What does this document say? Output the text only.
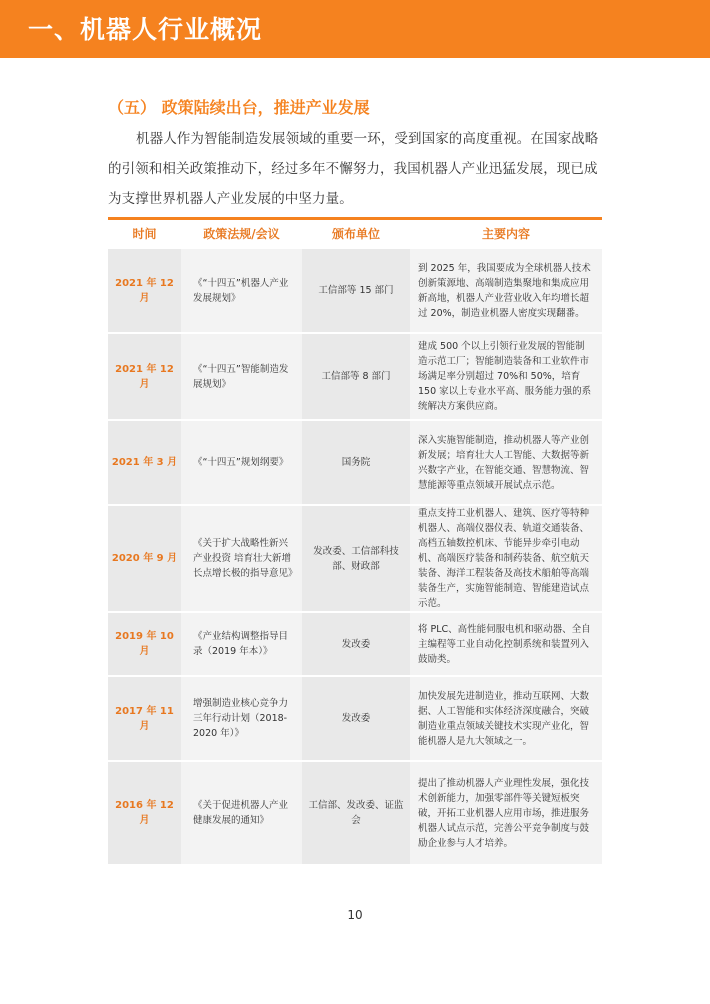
一、机器人行业概况
（五） 政策陆续出台，推进产业发展
机器人作为智能制造发展领域的重要一环，受到国家的高度重视。在国家战略的引领和相关政策推动下，经过多年不懈努力，我国机器人产业迅猛发展，现已成为支撑世界机器人产业发展的中坚力量。
时间	政策法规/会议	颁布单位	主要内容
2021 年 12 月	《“十四五”机器人产业发展规划》	工信部等 15 部门	到 2025 年，我国要成为全球机器人技术创新策源地、高端制造集聚地和集成应用新高地，机器人产业营业收入年均增长超过 20%，制造业机器人密度实现翻番。
2021 年 12 月	《“十四五”智能制造发展规划》	工信部等 8 部门	建成 500 个以上引领行业发展的智能制造示范工厂；智能制造装备和工业软件市场满足率分别超过 70%和 50%，培育 150 家以上专业水平高、服务能力强的系统解决方案供应商。
2021 年 3 月	《“十四五”规划纲要》	国务院	深入实施智能制造，推动机器人等产业创新发展；培育壮大人工智能、大数据等新兴数字产业，在智能交通、智慧物流、智慧能源等重点领域开展试点示范。
2020 年 9 月	《关于扩大战略性新兴产业投资 培育壮大新增长点增长极的指导意见》	发改委、工信部科技部、财政部	重点支持工业机器人、建筑、医疗等特种机器人、高端仪器仪表、轨道交通装备、高档五轴数控机床、节能异步牵引电动机、高端医疗装备和制药装备、航空航天装备、海洋工程装备及高技术船舶等高端装备生产，实施智能制造、智能建造试点示范。
2019 年 10 月	《产业结构调整指导目录（2019 年本）》	发改委	将 PLC、高性能伺服电机和驱动器、全自主编程等工业自动化控制系统和装置列入鼓励类。
2017 年 11 月	增强制造业核心竞争力三年行动计划（2018-2020 年）》	发改委	加快发展先进制造业，推动互联网、大数据、人工智能和实体经济深度融合，突破制造业重点领域关键技术实现产业化，智能机器人是九大领域之一。
2016 年 12 月	《关于促进机器人产业健康发展的通知》	工信部、发改委、证监会	提出了推动机器人产业理性发展，强化技术创新能力，加强零部件等关键短板突破，开拓工业机器人应用市场，推进服务机器人试点示范，完善公平竞争制度与鼓励企业参与人才培养。
10
